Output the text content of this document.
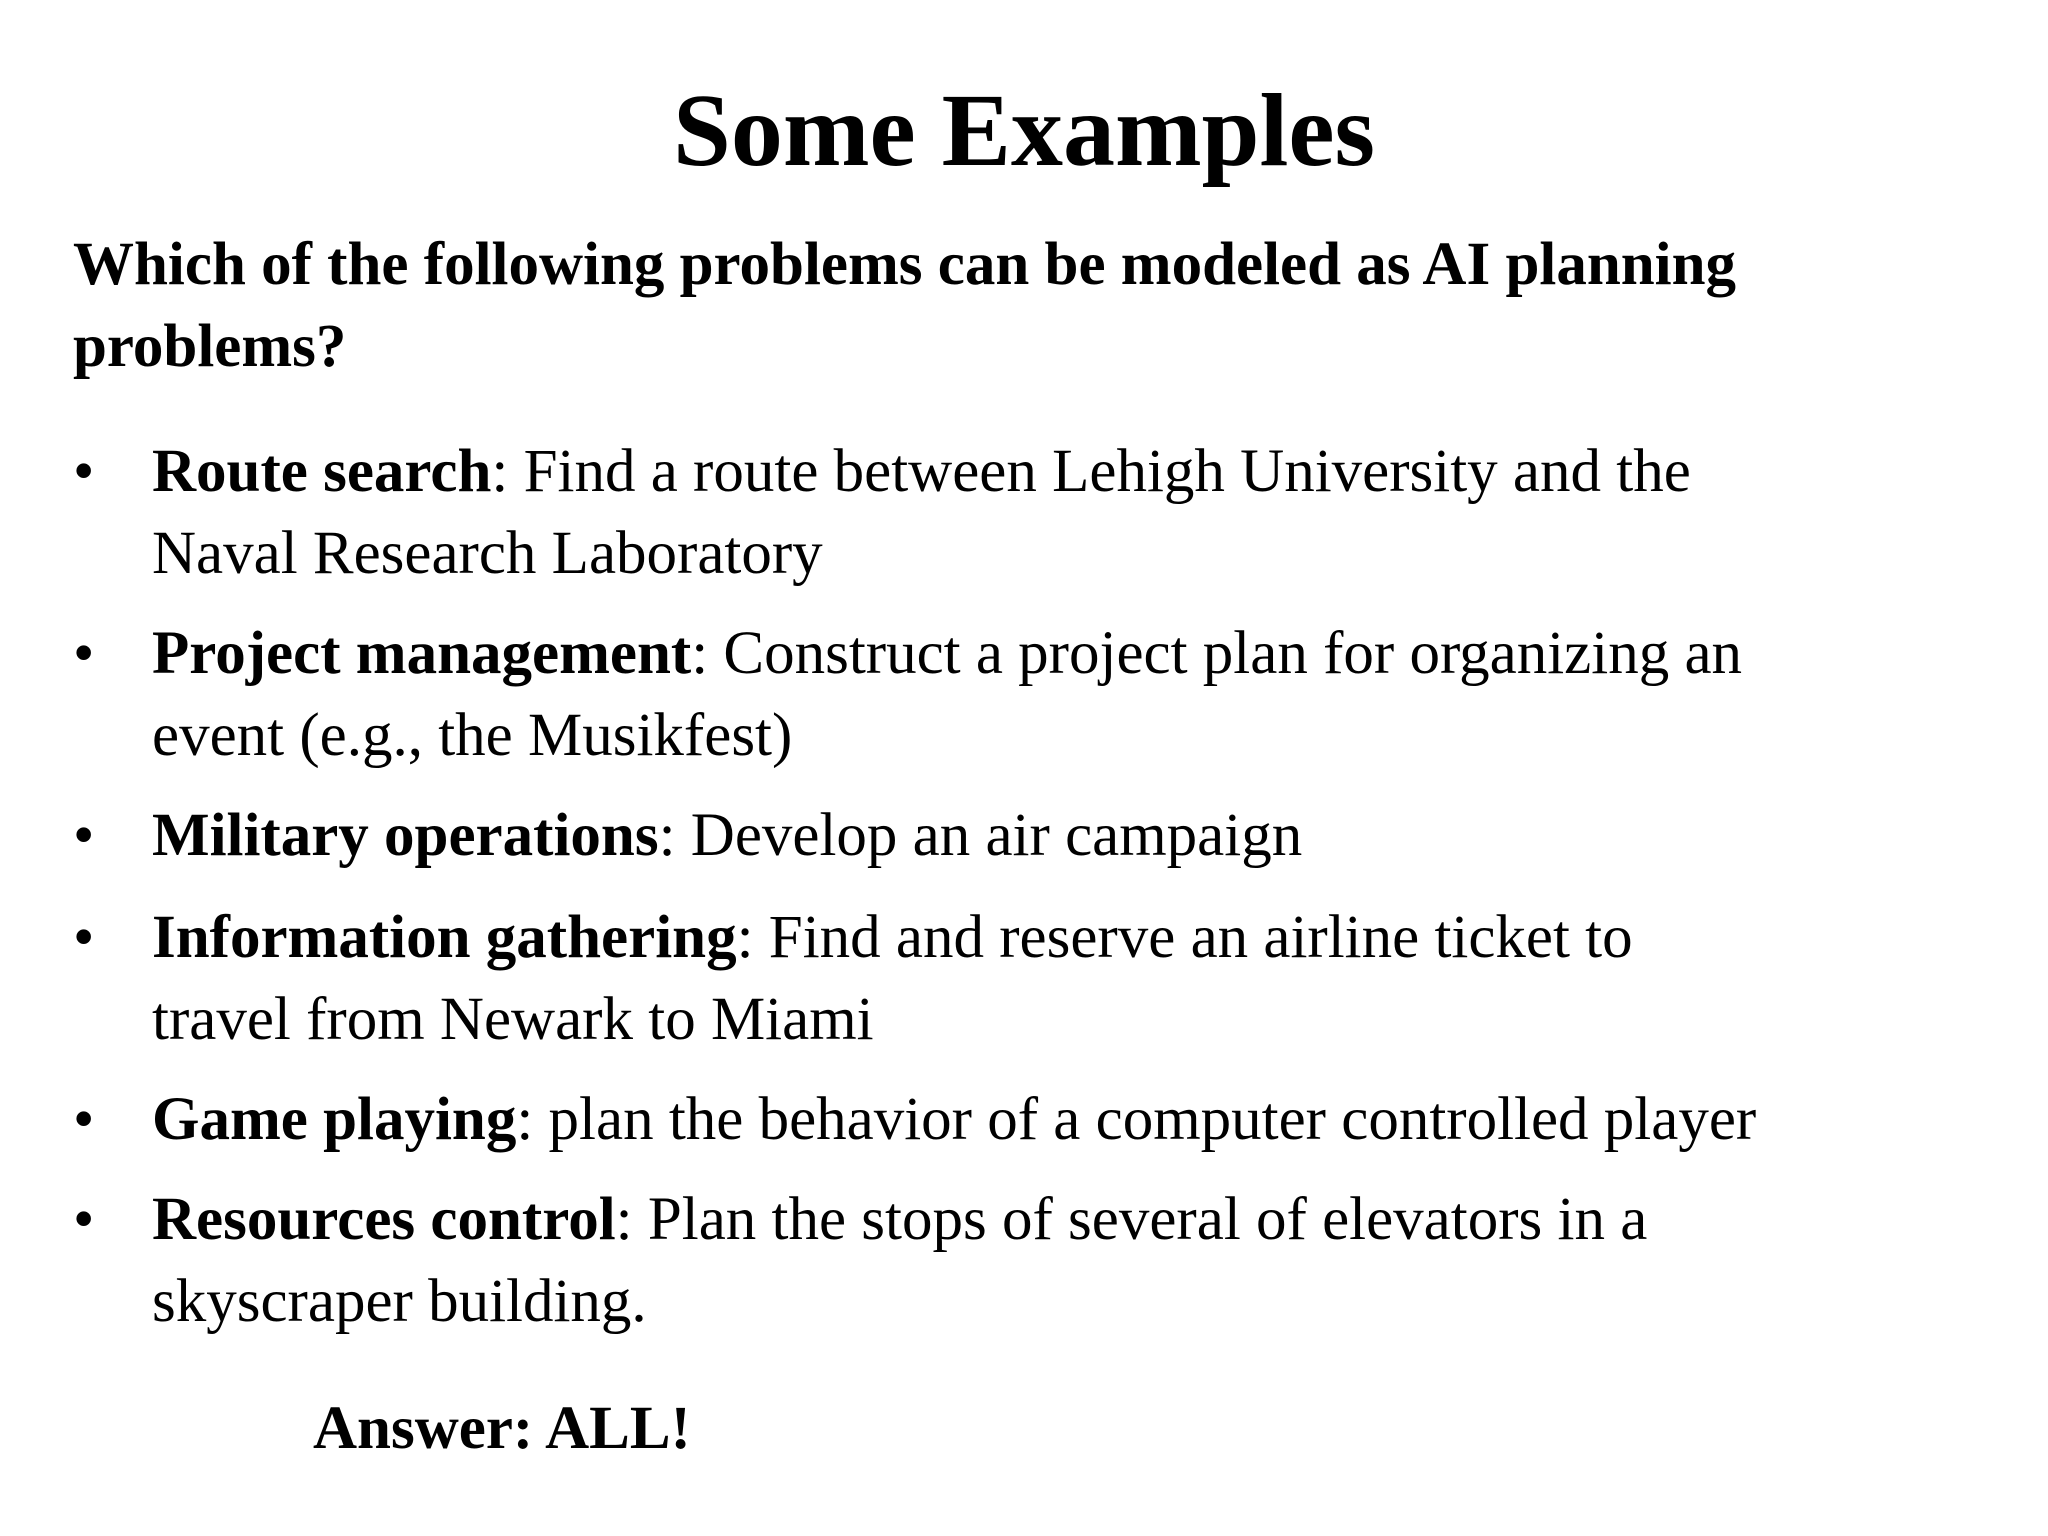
Some Examples
Which of the following problems can be modeled as AI planning
problems?
• Route search: Find a route between Lehigh University and the
Naval Research Laboratory
• Project management: Construct a project plan for organizing an
event (e.g., the Musikfest)
• Military operations: Develop an air campaign
• Information gathering: Find and reserve an airline ticket to
travel from Newark to Miami
• Game playing: plan the behavior of a computer controlled player
• Resources control: Plan the stops of several of elevators in a
skyscraper building.
Answer: ALL!
